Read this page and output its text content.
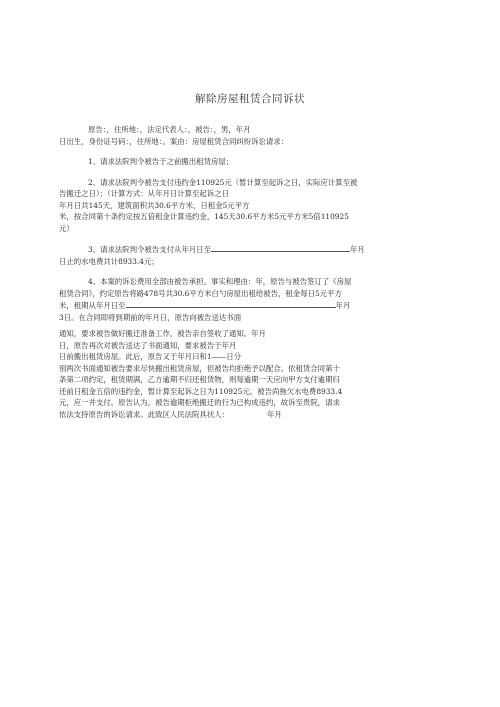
解除房屋租赁合同诉状

原告：，住所地：，法定代表人：，被告：，男，年月

日出生，身份证号码：，住所地：。案由：房屋租赁合同纠纷诉讼请求：

1、请求法院判令被告于之前搬出租赁房屋；

2、请求法院判令被告支付违约金110925元（暂计算至起诉之日，实际应计算至被

告搬迁之日）；（计算方式：从年月日计算至起诉之日

年月日共145天，建筑面积共30.6平方米，日租金5元平方

米，按合同第十条约定按五倍租金计算违约金，145天30.6平方米5元平方米5倍110925

元）

3、请求法院判令被告支付从年月日至	年月

日止的水电费共计8933.4元；

4、本案的诉讼费用全部由被告承担。事实和理由：年，原告与被告签订了《房屋

租赁合同》，约定原告将路478号共30.6平方米白勺房屋出租给被告，租金每日5元平方

米，租期从年月日至	年月

3日。在合同即将到期前的年月日，原告向被告送达书面

通知，要求被告做好搬迁准备工作，被告亲自签收了通知。年月

日，原告再次对被告送达了书面通知，要求被告于年月

日前搬出租赁房屋。此后，原告又于年月曰和1——日分

别两次书面通知被告要求尽快搬出租赁房屋，但被告均拒绝予以配合。依租赁合同第十

条第二项约定，租赁期满，乙方逾期不归还租赁物，则每逾期一天应向甲方支付逾期归

还前日租金五倍的违约金，暂计算至起诉之日为110925元。被告尚拖欠水电费8933.4

元，应一并支付。原告认为，被告逾期拒绝搬迁的行为已构成违约，故诉至贵院，请求

依法支持原告的诉讼请求。此致区人民法院具状人：	年月
